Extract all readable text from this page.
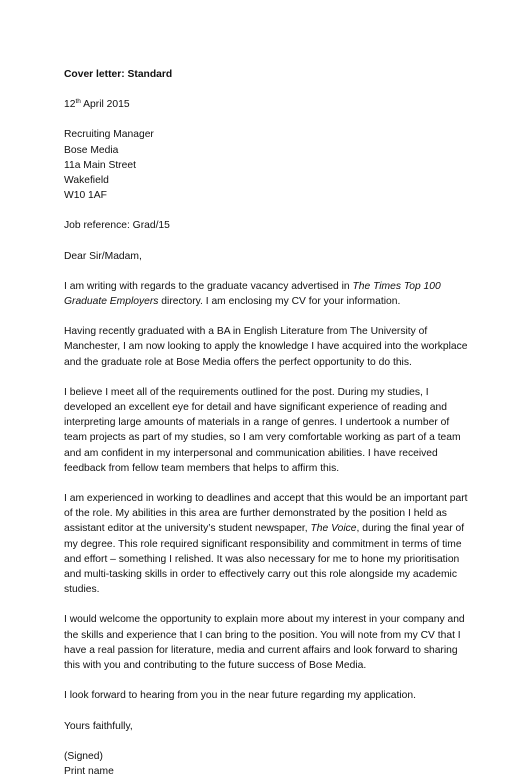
Cover letter: Standard

12th April 2015

Recruiting Manager
Bose Media
11a Main Street
Wakefield
W10 1AF

Job reference: Grad/15

Dear Sir/Madam,

I am writing with regards to the graduate vacancy advertised in The Times Top 100 Graduate Employers directory. I am enclosing my CV for your information.

Having recently graduated with a BA in English Literature from The University of Manchester, I am now looking to apply the knowledge I have acquired into the workplace and the graduate role at Bose Media offers the perfect opportunity to do this.

I believe I meet all of the requirements outlined for the post. During my studies, I developed an excellent eye for detail and have significant experience of reading and interpreting large amounts of materials in a range of genres. I undertook a number of team projects as part of my studies, so I am very comfortable working as part of a team and am confident in my interpersonal and communication abilities. I have received feedback from fellow team members that helps to affirm this.

I am experienced in working to deadlines and accept that this would be an important part of the role. My abilities in this area are further demonstrated by the position I held as assistant editor at the university’s student newspaper, The Voice, during the final year of my degree. This role required significant responsibility and commitment in terms of time and effort – something I relished. It was also necessary for me to hone my prioritisation and multi-tasking skills in order to effectively carry out this role alongside my academic studies.

I would welcome the opportunity to explain more about my interest in your company and the skills and experience that I can bring to the position. You will note from my CV that I have a real passion for literature, media and current affairs and look forward to sharing this with you and contributing to the future success of Bose Media.

I look forward to hearing from you in the near future regarding my application.

Yours faithfully,

(Signed)
Print name
